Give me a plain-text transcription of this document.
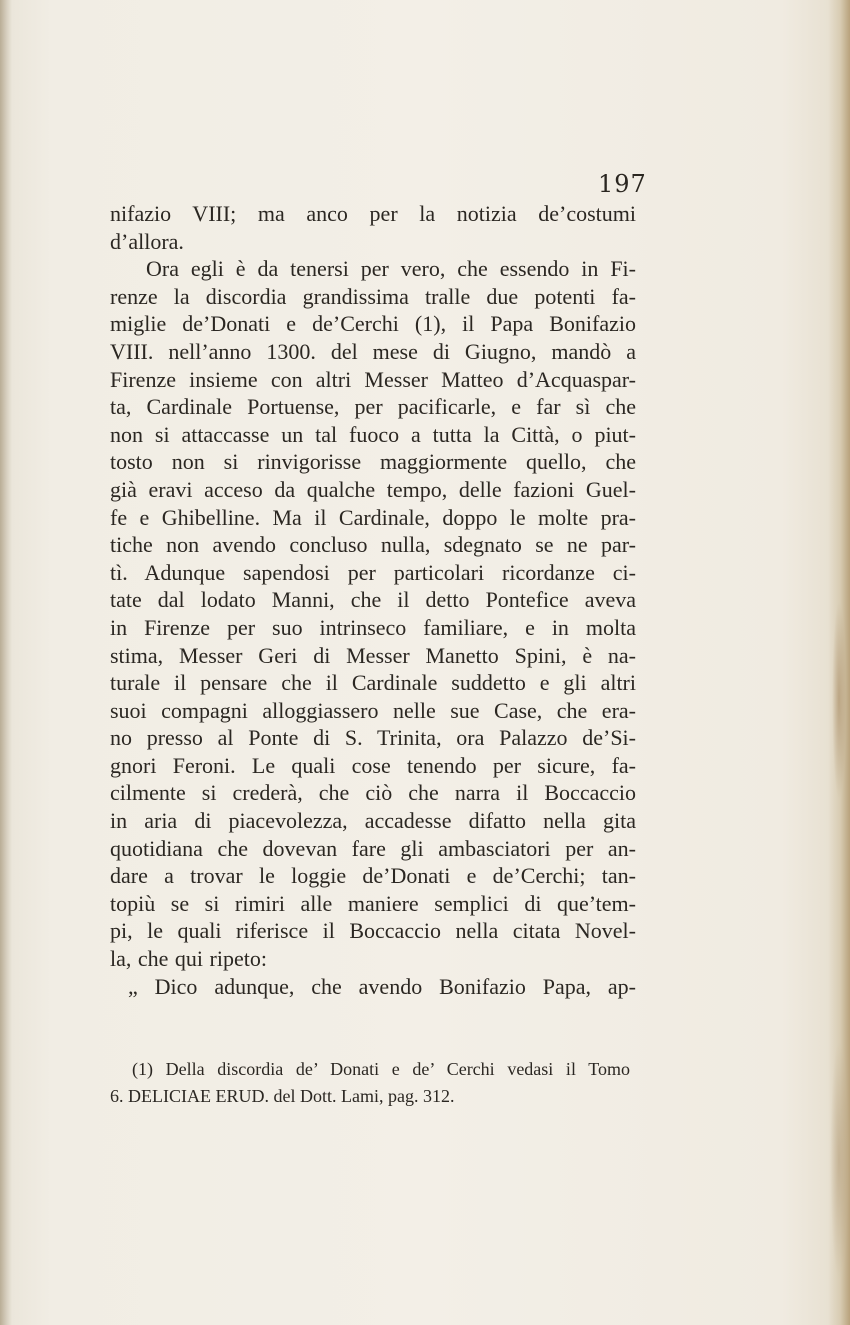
197
nifazio VIII; ma anco per la notizia de’costumi
d’allora.
Ora egli è da tenersi per vero, che essendo in Fi-
renze la discordia grandissima tralle due potenti fa-
miglie de’Donati e de’Cerchi (1), il Papa Bonifazio
VIII. nell’anno 1300. del mese di Giugno, mandò a
Firenze insieme con altri Messer Matteo d’Acquaspar-
ta, Cardinale Portuense, per pacificarle, e far sì che
non si attaccasse un tal fuoco a tutta la Città, o piut-
tosto non si rinvigorisse maggiormente quello, che
già eravi acceso da qualche tempo, delle fazioni Guel-
fe e Ghibelline. Ma il Cardinale, doppo le molte pra-
tiche non avendo concluso nulla, sdegnato se ne par-
tì. Adunque sapendosi per particolari ricordanze ci-
tate dal lodato Manni, che il detto Pontefice aveva
in Firenze per suo intrinseco familiare, e in molta
stima, Messer Geri di Messer Manetto Spini, è na-
turale il pensare che il Cardinale suddetto e gli altri
suoi compagni alloggiassero nelle sue Case, che era-
no presso al Ponte di S. Trinita, ora Palazzo de’Si-
gnori Feroni. Le quali cose tenendo per sicure, fa-
cilmente si crederà, che ciò che narra il Boccaccio
in aria di piacevolezza, accadesse difatto nella gita
quotidiana che dovevan fare gli ambasciatori per an-
dare a trovar le loggie de’Donati e de’Cerchi; tan-
topiù se si rimiri alle maniere semplici di que’tem-
pi, le quali riferisce il Boccaccio nella citata Novel-
la, che qui ripeto:
„ Dico adunque, che avendo Bonifazio Papa, ap-
(1) Della discordia de’ Donati e de’ Cerchi vedasi il Tomo
6. DELICIAE ERUD. del Dott. Lami, pag. 312.
